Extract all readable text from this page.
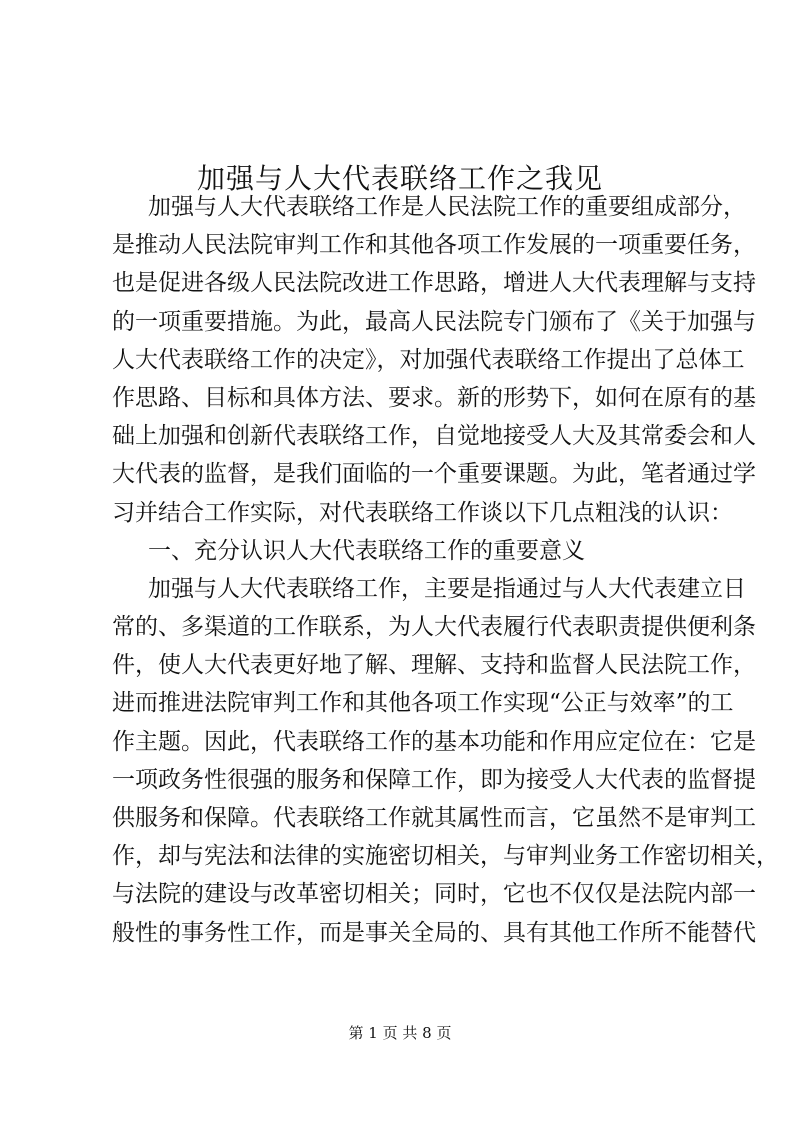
加强与人大代表联络工作之我见
加强与人大代表联络工作是人民法院工作的重要组成部分，
是推动人民法院审判工作和其他各项工作发展的一项重要任务，
也是促进各级人民法院改进工作思路，增进人大代表理解与支持
的一项重要措施。为此，最高人民法院专门颁布了《关于加强与
人大代表联络工作的决定》，对加强代表联络工作提出了总体工
作思路、目标和具体方法、要求。新的形势下，如何在原有的基
础上加强和创新代表联络工作，自觉地接受人大及其常委会和人
大代表的监督，是我们面临的一个重要课题。为此，笔者通过学
习并结合工作实际，对代表联络工作谈以下几点粗浅的认识：
一、充分认识人大代表联络工作的重要意义
加强与人大代表联络工作，主要是指通过与人大代表建立日
常的、多渠道的工作联系，为人大代表履行代表职责提供便利条
件，使人大代表更好地了解、理解、支持和监督人民法院工作，
进而推进法院审判工作和其他各项工作实现“公正与效率”的工
作主题。因此，代表联络工作的基本功能和作用应定位在：它是
一项政务性很强的服务和保障工作，即为接受人大代表的监督提
供服务和保障。代表联络工作就其属性而言，它虽然不是审判工
作，却与宪法和法律的实施密切相关，与审判业务工作密切相关，
与法院的建设与改革密切相关；同时，它也不仅仅是法院内部一
般性的事务性工作，而是事关全局的、具有其他工作所不能替代
第 1 页 共 8 页
